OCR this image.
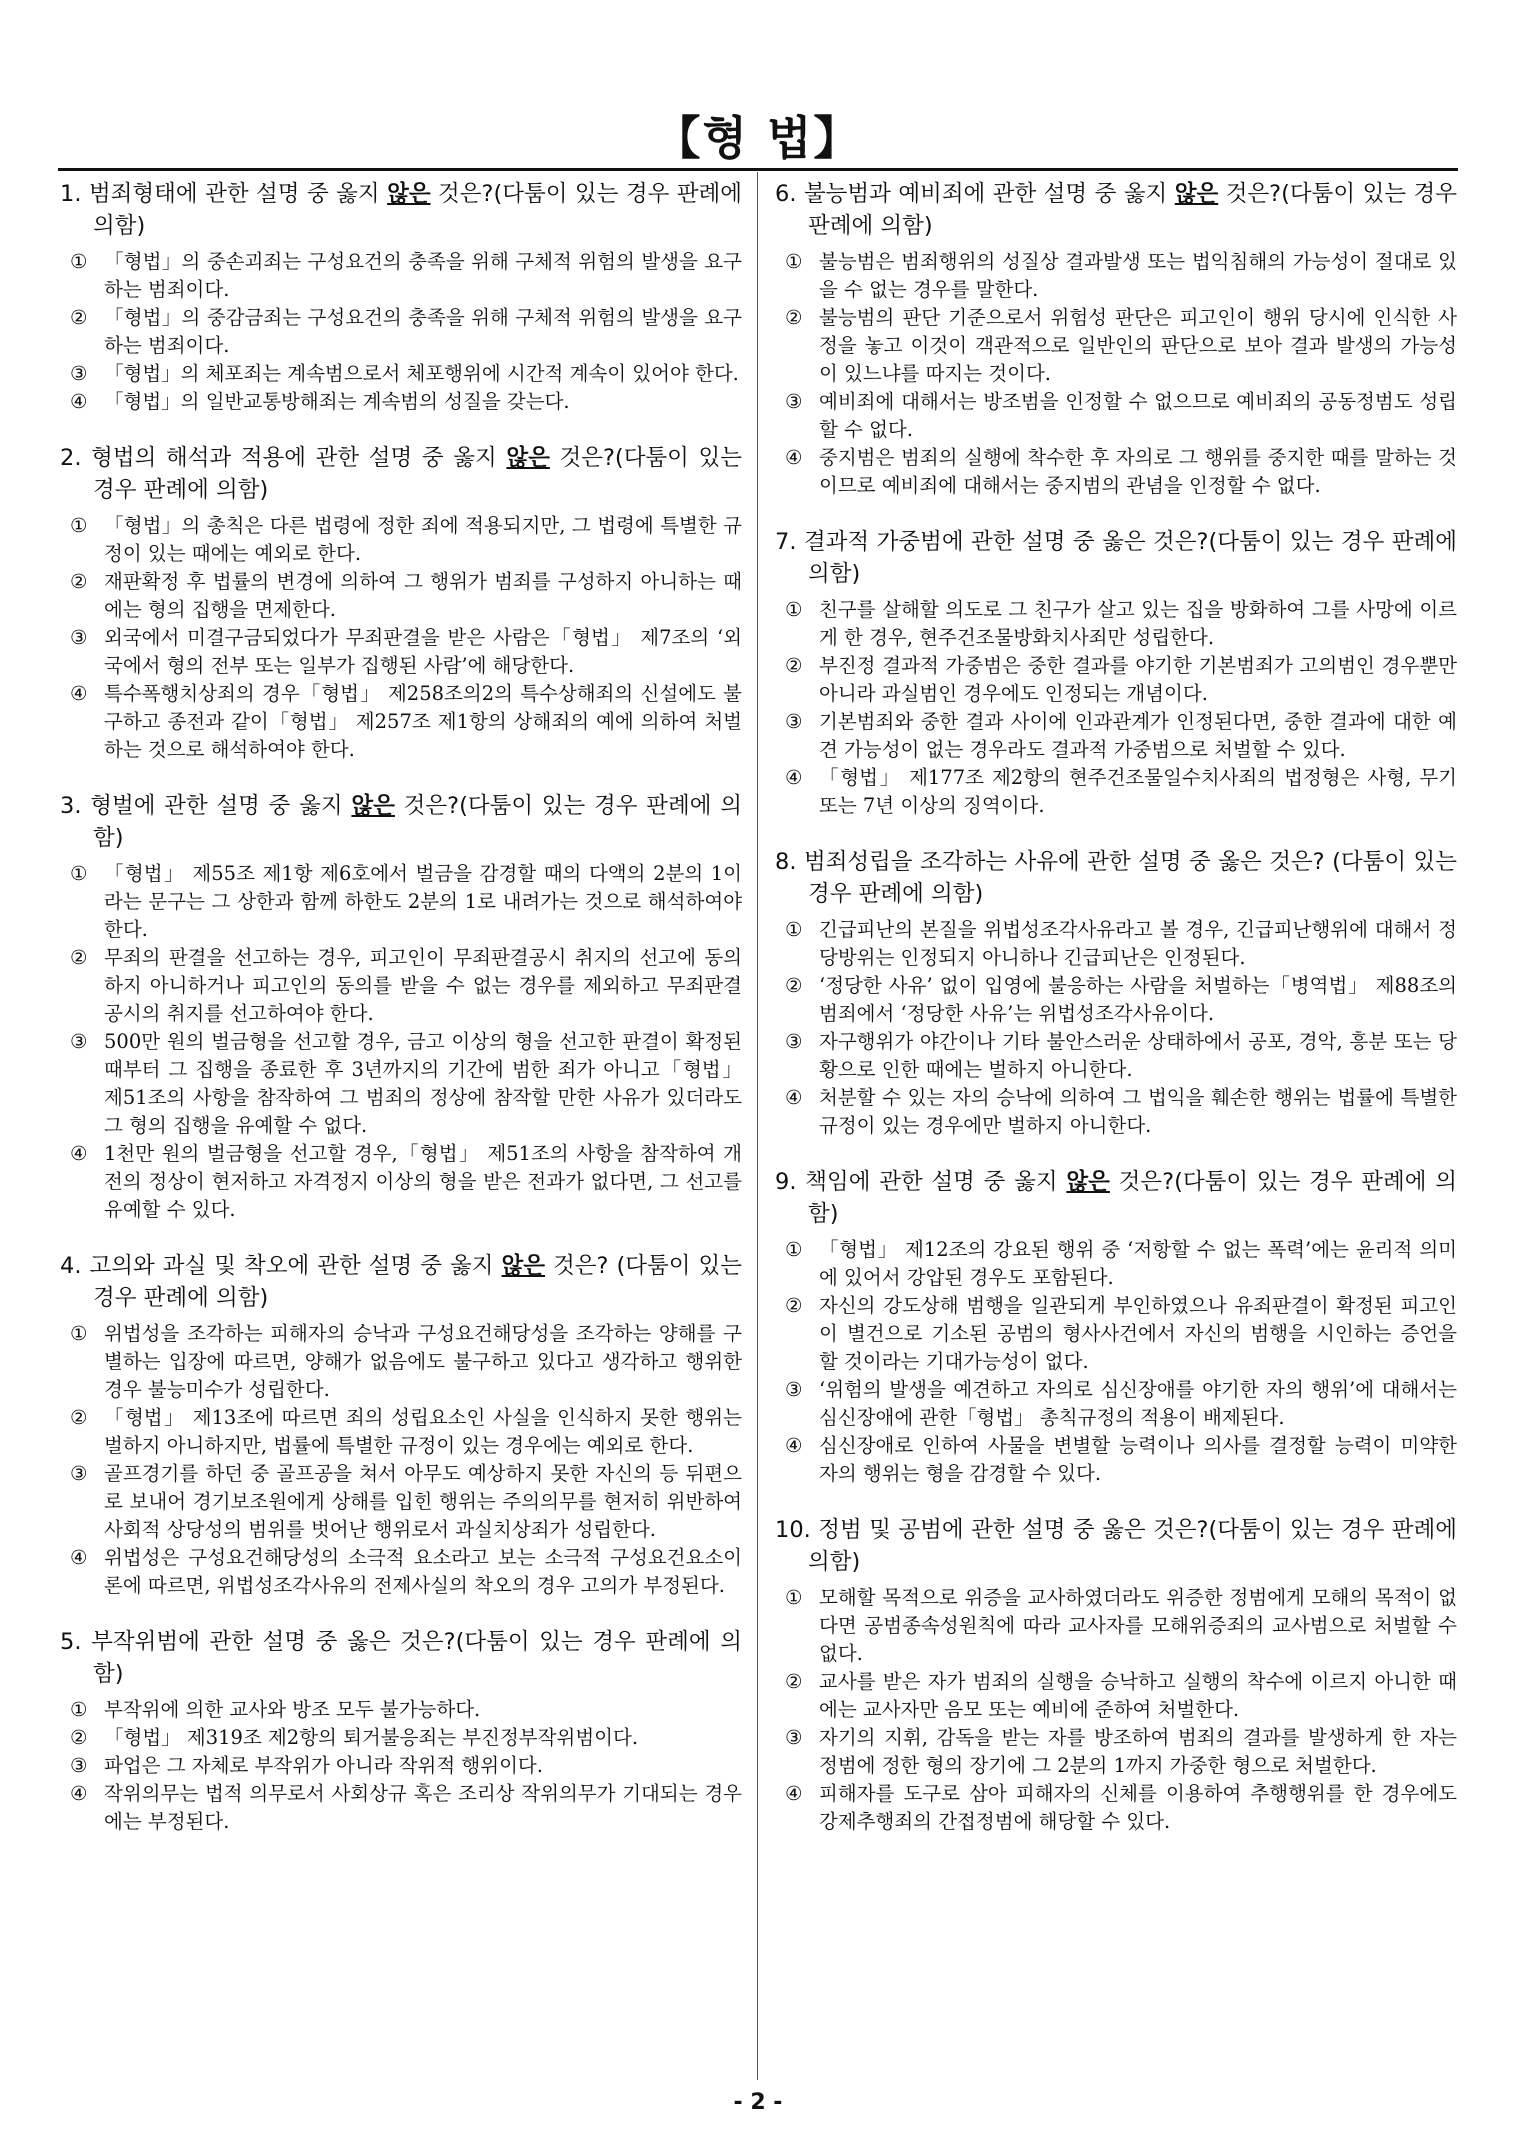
【형 법】
1. 범죄형태에 관한 설명 중 옳지 않은 것은?(다툼이 있는 경우 판례에 의함)
① 「형법」의 중손괴죄는 구성요건의 충족을 위해 구체적 위험의 발생을 요구하는 범죄이다.
② 「형법」의 중감금죄는 구성요건의 충족을 위해 구체적 위험의 발생을 요구하는 범죄이다.
③ 「형법」의 체포죄는 계속범으로서 체포행위에 시간적 계속이 있어야 한다.
④ 「형법」의 일반교통방해죄는 계속범의 성질을 갖는다.
2. 형법의 해석과 적용에 관한 설명 중 옳지 않은 것은?(다툼이 있는 경우 판례에 의함)
① 「형법」의 총칙은 다른 법령에 정한 죄에 적용되지만, 그 법령에 특별한 규정이 있는 때에는 예외로 한다.
② 재판확정 후 법률의 변경에 의하여 그 행위가 범죄를 구성하지 아니하는 때에는 형의 집행을 면제한다.
③ 외국에서 미결구금되었다가 무죄판결을 받은 사람은「형법」 제7조의 ‘외국에서 형의 전부 또는 일부가 집행된 사람’에 해당한다.
④ 특수폭행치상죄의 경우「형법」 제258조의2의 특수상해죄의 신설에도 불구하고 종전과 같이「형법」 제257조 제1항의 상해죄의 예에 의하여 처벌하는 것으로 해석하여야 한다.
3. 형벌에 관한 설명 중 옳지 않은 것은?(다툼이 있는 경우 판례에 의함)
① 「형법」 제55조 제1항 제6호에서 벌금을 감경할 때의 다액의 2분의 1이라는 문구는 그 상한과 함께 하한도 2분의 1로 내려가는 것으로 해석하여야 한다.
② 무죄의 판결을 선고하는 경우, 피고인이 무죄판결공시 취지의 선고에 동의하지 아니하거나 피고인의 동의를 받을 수 없는 경우를 제외하고 무죄판결공시의 취지를 선고하여야 한다.
③ 500만 원의 벌금형을 선고할 경우, 금고 이상의 형을 선고한 판결이 확정된 때부터 그 집행을 종료한 후 3년까지의 기간에 범한 죄가 아니고「형법」 제51조의 사항을 참작하여 그 범죄의 정상에 참작할 만한 사유가 있더라도 그 형의 집행을 유예할 수 없다.
④ 1천만 원의 벌금형을 선고할 경우,「형법」 제51조의 사항을 참작하여 개전의 정상이 현저하고 자격정지 이상의 형을 받은 전과가 없다면, 그 선고를 유예할 수 있다.
4. 고의와 과실 및 착오에 관한 설명 중 옳지 않은 것은? (다툼이 있는 경우 판례에 의함)
① 위법성을 조각하는 피해자의 승낙과 구성요건해당성을 조각하는 양해를 구별하는 입장에 따르면, 양해가 없음에도 불구하고 있다고 생각하고 행위한 경우 불능미수가 성립한다.
② 「형법」 제13조에 따르면 죄의 성립요소인 사실을 인식하지 못한 행위는 벌하지 아니하지만, 법률에 특별한 규정이 있는 경우에는 예외로 한다.
③ 골프경기를 하던 중 골프공을 쳐서 아무도 예상하지 못한 자신의 등 뒤편으로 보내어 경기보조원에게 상해를 입힌 행위는 주의의무를 현저히 위반하여 사회적 상당성의 범위를 벗어난 행위로서 과실치상죄가 성립한다.
④ 위법성은 구성요건해당성의 소극적 요소라고 보는 소극적 구성요건요소이론에 따르면, 위법성조각사유의 전제사실의 착오의 경우 고의가 부정된다.
5. 부작위범에 관한 설명 중 옳은 것은?(다툼이 있는 경우 판례에 의함)
① 부작위에 의한 교사와 방조 모두 불가능하다.
② 「형법」 제319조 제2항의 퇴거불응죄는 부진정부작위범이다.
③ 파업은 그 자체로 부작위가 아니라 작위적 행위이다.
④ 작위의무는 법적 의무로서 사회상규 혹은 조리상 작위의무가 기대되는 경우에는 부정된다.
6. 불능범과 예비죄에 관한 설명 중 옳지 않은 것은?(다툼이 있는 경우 판례에 의함)
① 불능범은 범죄행위의 성질상 결과발생 또는 법익침해의 가능성이 절대로 있을 수 없는 경우를 말한다.
② 불능범의 판단 기준으로서 위험성 판단은 피고인이 행위 당시에 인식한 사정을 놓고 이것이 객관적으로 일반인의 판단으로 보아 결과 발생의 가능성이 있느냐를 따지는 것이다.
③ 예비죄에 대해서는 방조범을 인정할 수 없으므로 예비죄의 공동정범도 성립할 수 없다.
④ 중지범은 범죄의 실행에 착수한 후 자의로 그 행위를 중지한 때를 말하는 것이므로 예비죄에 대해서는 중지범의 관념을 인정할 수 없다.
7. 결과적 가중범에 관한 설명 중 옳은 것은?(다툼이 있는 경우 판례에 의함)
① 친구를 살해할 의도로 그 친구가 살고 있는 집을 방화하여 그를 사망에 이르게 한 경우, 현주건조물방화치사죄만 성립한다.
② 부진정 결과적 가중범은 중한 결과를 야기한 기본범죄가 고의범인 경우뿐만 아니라 과실범인 경우에도 인정되는 개념이다.
③ 기본범죄와 중한 결과 사이에 인과관계가 인정된다면, 중한 결과에 대한 예견 가능성이 없는 경우라도 결과적 가중범으로 처벌할 수 있다.
④ 「형법」 제177조 제2항의 현주건조물일수치사죄의 법정형은 사형, 무기 또는 7년 이상의 징역이다.
8. 범죄성립을 조각하는 사유에 관한 설명 중 옳은 것은? (다툼이 있는 경우 판례에 의함)
① 긴급피난의 본질을 위법성조각사유라고 볼 경우, 긴급피난행위에 대해서 정당방위는 인정되지 아니하나 긴급피난은 인정된다.
② ‘정당한 사유’ 없이 입영에 불응하는 사람을 처벌하는「병역법」 제88조의 범죄에서 ‘정당한 사유’는 위법성조각사유이다.
③ 자구행위가 야간이나 기타 불안스러운 상태하에서 공포, 경악, 흥분 또는 당황으로 인한 때에는 벌하지 아니한다.
④ 처분할 수 있는 자의 승낙에 의하여 그 법익을 훼손한 행위는 법률에 특별한 규정이 있는 경우에만 벌하지 아니한다.
9. 책임에 관한 설명 중 옳지 않은 것은?(다툼이 있는 경우 판례에 의함)
① 「형법」 제12조의 강요된 행위 중 ‘저항할 수 없는 폭력’에는 윤리적 의미에 있어서 강압된 경우도 포함된다.
② 자신의 강도상해 범행을 일관되게 부인하였으나 유죄판결이 확정된 피고인이 별건으로 기소된 공범의 형사사건에서 자신의 범행을 시인하는 증언을 할 것이라는 기대가능성이 없다.
③ ‘위험의 발생을 예견하고 자의로 심신장애를 야기한 자의 행위’에 대해서는 심신장애에 관한「형법」 총칙규정의 적용이 배제된다.
④ 심신장애로 인하여 사물을 변별할 능력이나 의사를 결정할 능력이 미약한 자의 행위는 형을 감경할 수 있다.
10. 정범 및 공범에 관한 설명 중 옳은 것은?(다툼이 있는 경우 판례에 의함)
① 모해할 목적으로 위증을 교사하였더라도 위증한 정범에게 모해의 목적이 없다면 공범종속성원칙에 따라 교사자를 모해위증죄의 교사범으로 처벌할 수 없다.
② 교사를 받은 자가 범죄의 실행을 승낙하고 실행의 착수에 이르지 아니한 때에는 교사자만 음모 또는 예비에 준하여 처벌한다.
③ 자기의 지휘, 감독을 받는 자를 방조하여 범죄의 결과를 발생하게 한 자는 정범에 정한 형의 장기에 그 2분의 1까지 가중한 형으로 처벌한다.
④ 피해자를 도구로 삼아 피해자의 신체를 이용하여 추행행위를 한 경우에도 강제추행죄의 간접정범에 해당할 수 있다.
- 2 -
